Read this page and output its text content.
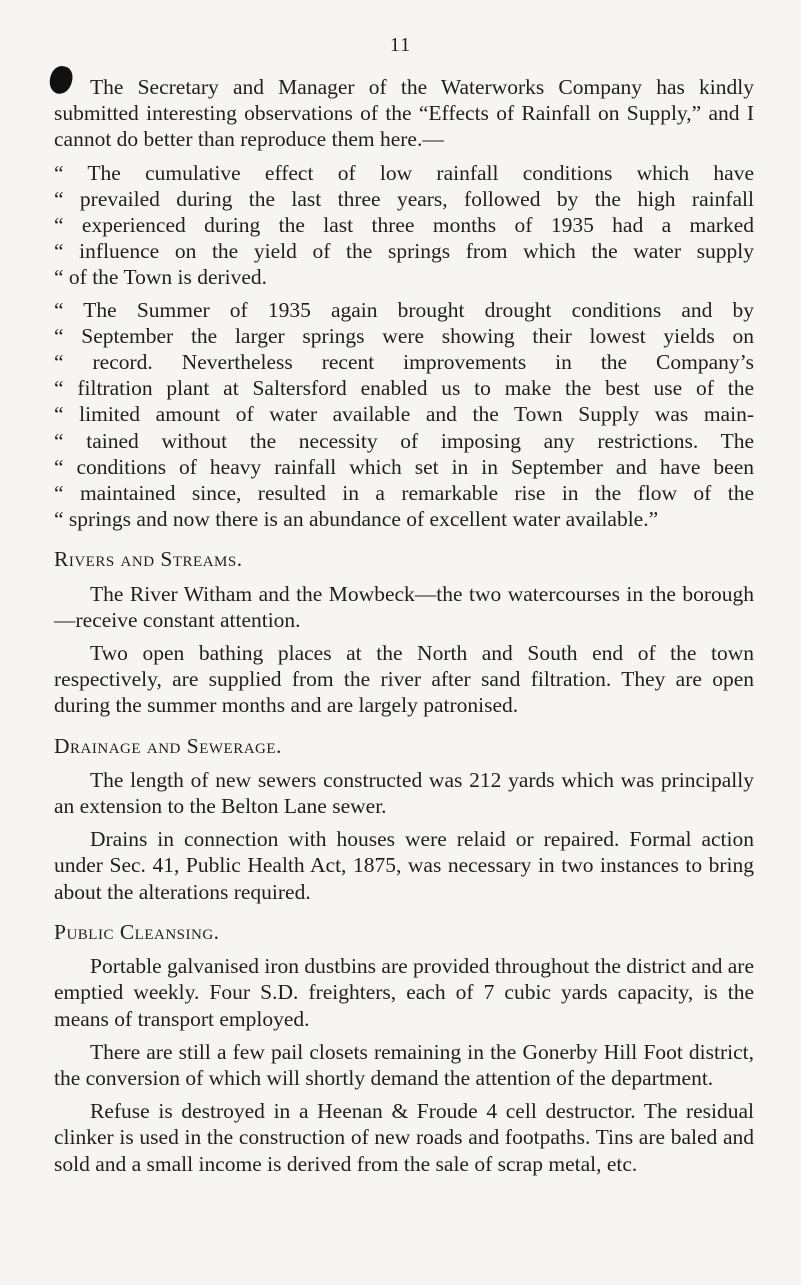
11

The Secretary and Manager of the Waterworks Company has kindly submitted interesting observations of the “Effects of Rainfall on Supply,” and I cannot do better than reproduce them here.—

“ The cumulative effect of low rainfall conditions which have
“ prevailed during the last three years, followed by the high rainfall
“ experienced during the last three months of 1935 had a marked
“ influence on the yield of the springs from which the water supply
“ of the Town is derived.
“ The Summer of 1935 again brought drought conditions and by
“ September the larger springs were showing their lowest yields on
“ record. Nevertheless recent improvements in the Company’s
“ filtration plant at Saltersford enabled us to make the best use of the
“ limited amount of water available and the Town Supply was main-
“ tained without the necessity of imposing any restrictions. The
“ conditions of heavy rainfall which set in in September and have been
“ maintained since, resulted in a remarkable rise in the flow of the
“ springs and now there is an abundance of excellent water available.”

Rivers and Streams.

The River Witham and the Mowbeck—the two watercourses in the borough—receive constant attention.

Two open bathing places at the North and South end of the town respectively, are supplied from the river after sand filtration. They are open during the summer months and are largely patronised.

Drainage and Sewerage.

The length of new sewers constructed was 212 yards which was principally an extension to the Belton Lane sewer.

Drains in connection with houses were relaid or repaired. Formal action under Sec. 41, Public Health Act, 1875, was necessary in two instances to bring about the alterations required.

Public Cleansing.

Portable galvanised iron dustbins are provided throughout the district and are emptied weekly. Four S.D. freighters, each of 7 cubic yards capacity, is the means of transport employed.

There are still a few pail closets remaining in the Gonerby Hill Foot district, the conversion of which will shortly demand the attention of the department.

Refuse is destroyed in a Heenan & Froude 4 cell destructor. The residual clinker is used in the construction of new roads and footpaths. Tins are baled and sold and a small income is derived from the sale of scrap metal, etc.
